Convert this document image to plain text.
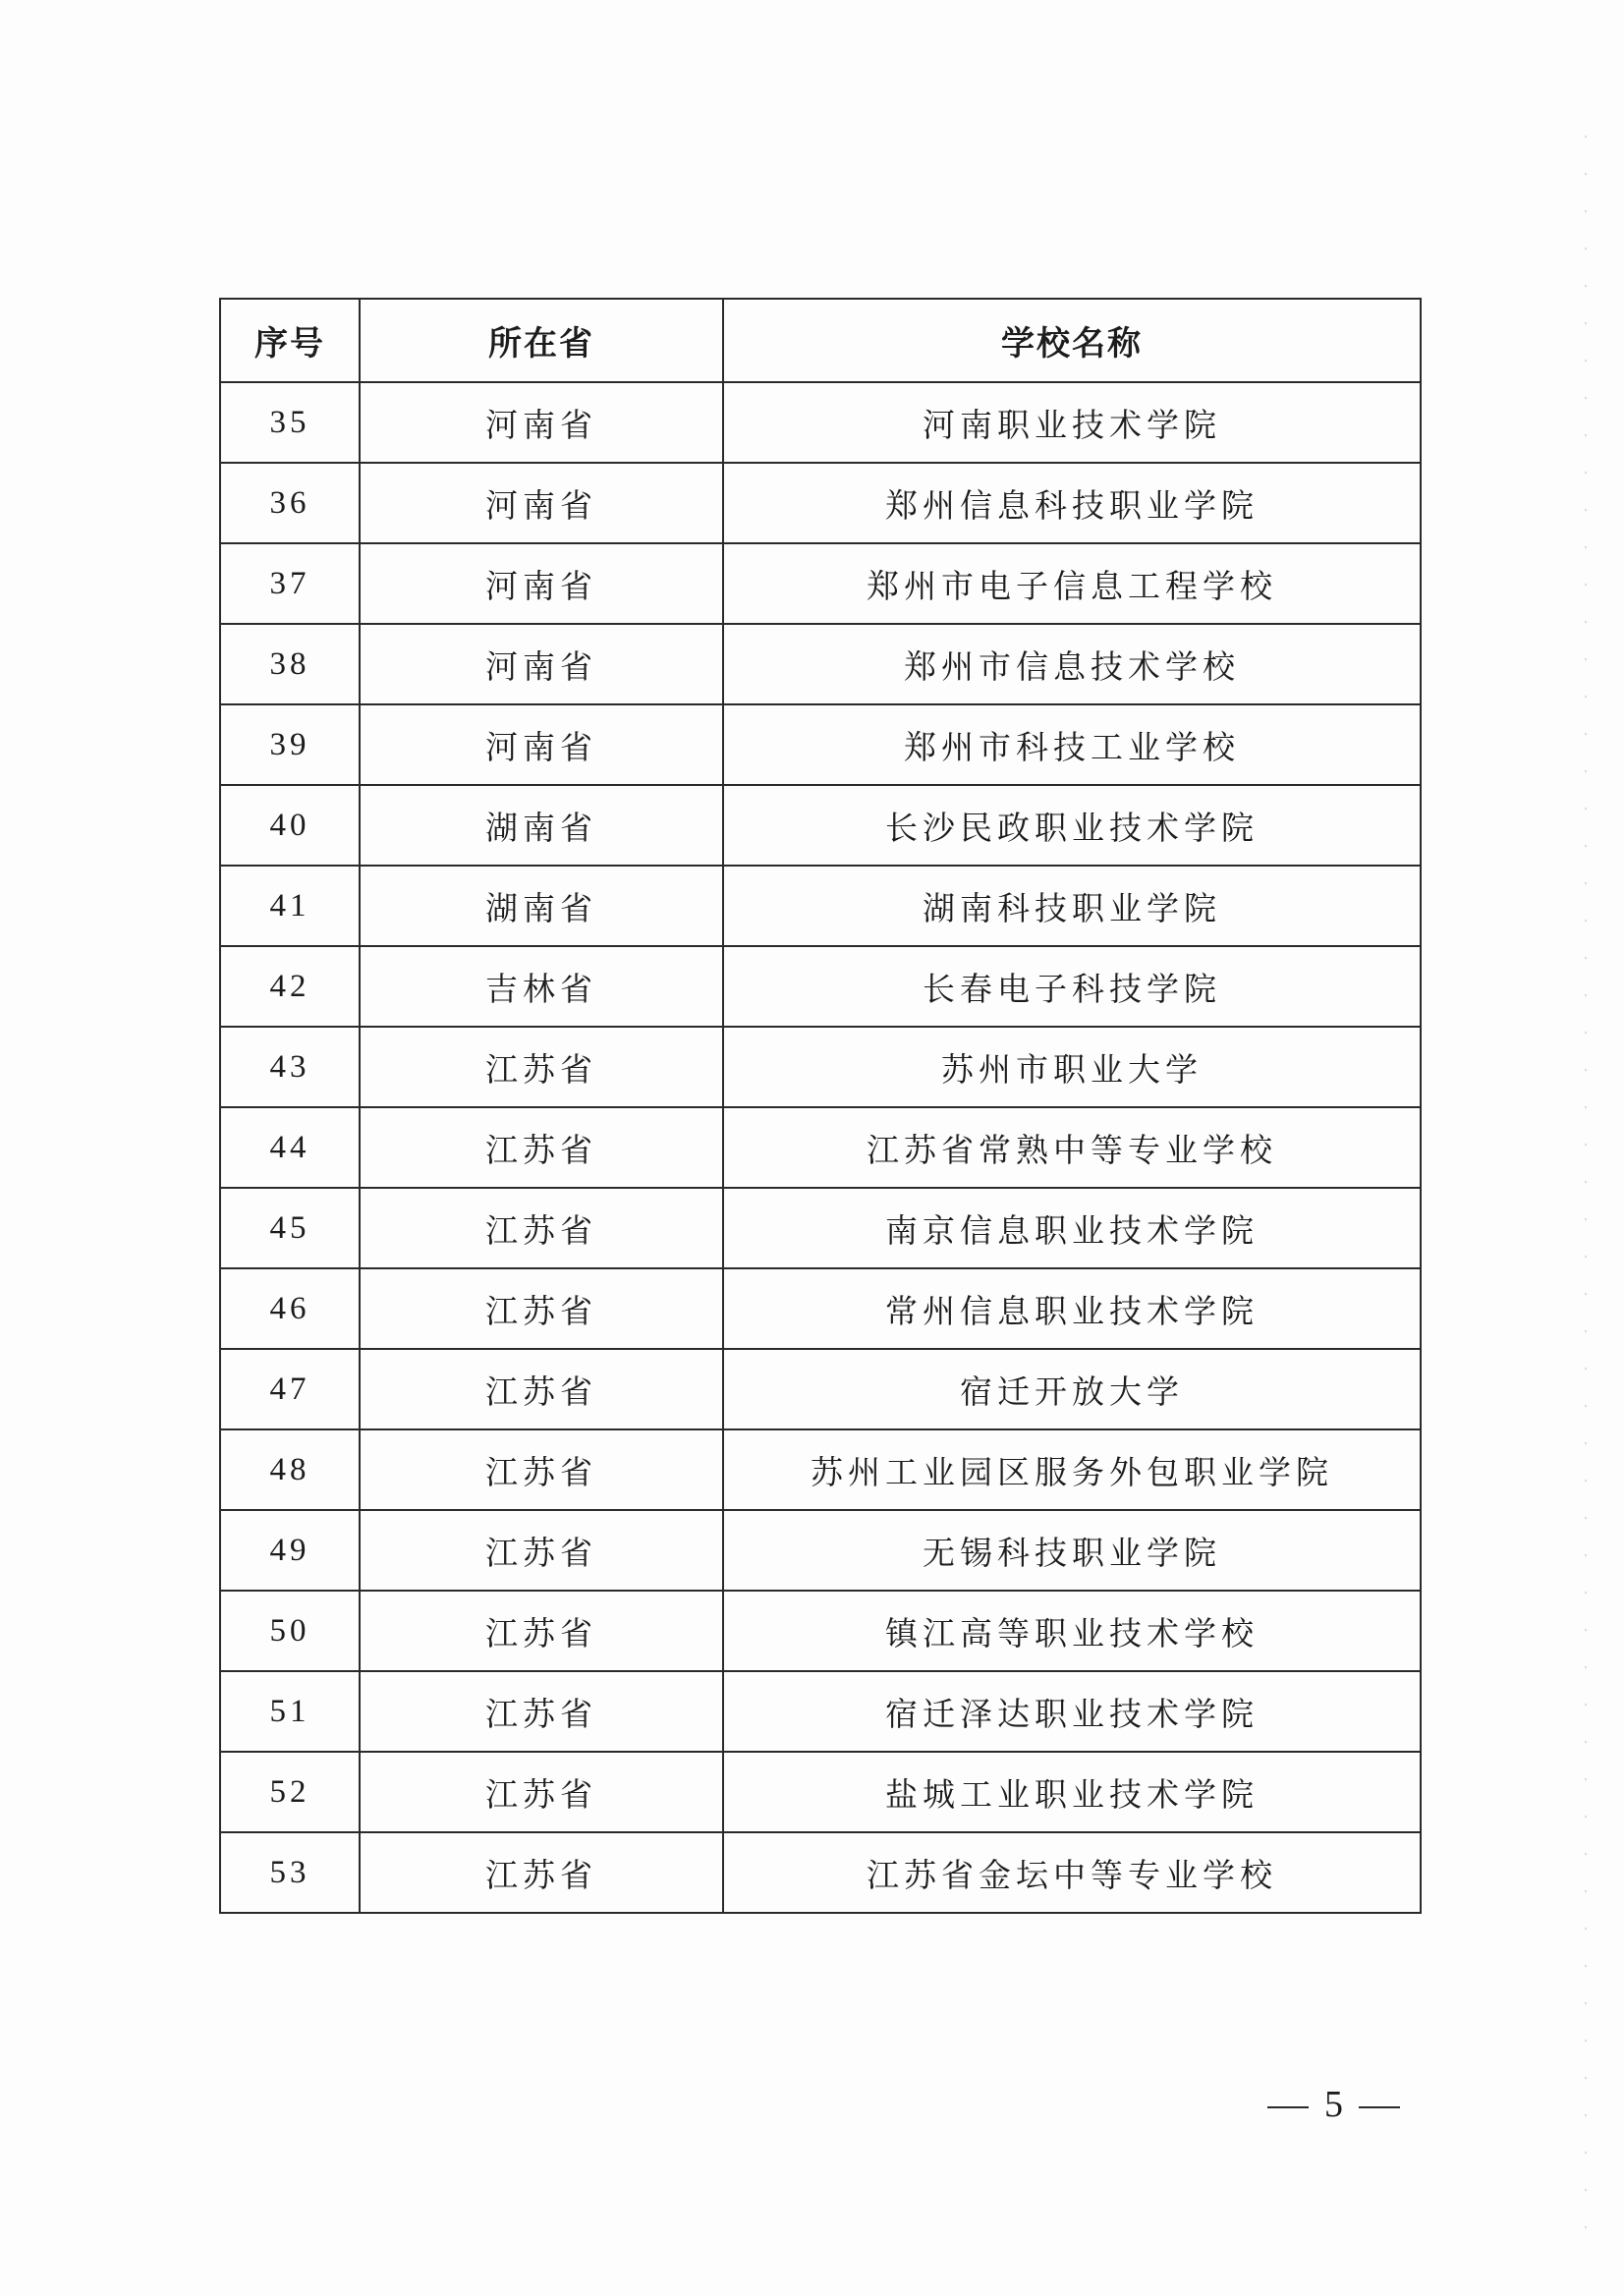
序号	所在省	学校名称
35	河南省	河南职业技术学院
36	河南省	郑州信息科技职业学院
37	河南省	郑州市电子信息工程学校
38	河南省	郑州市信息技术学校
39	河南省	郑州市科技工业学校
40	湖南省	长沙民政职业技术学院
41	湖南省	湖南科技职业学院
42	吉林省	长春电子科技学院
43	江苏省	苏州市职业大学
44	江苏省	江苏省常熟中等专业学校
45	江苏省	南京信息职业技术学院
46	江苏省	常州信息职业技术学院
47	江苏省	宿迁开放大学
48	江苏省	苏州工业园区服务外包职业学院
49	江苏省	无锡科技职业学院
50	江苏省	镇江高等职业技术学校
51	江苏省	宿迁泽达职业技术学院
52	江苏省	盐城工业职业技术学院
53	江苏省	江苏省金坛中等专业学校
5
